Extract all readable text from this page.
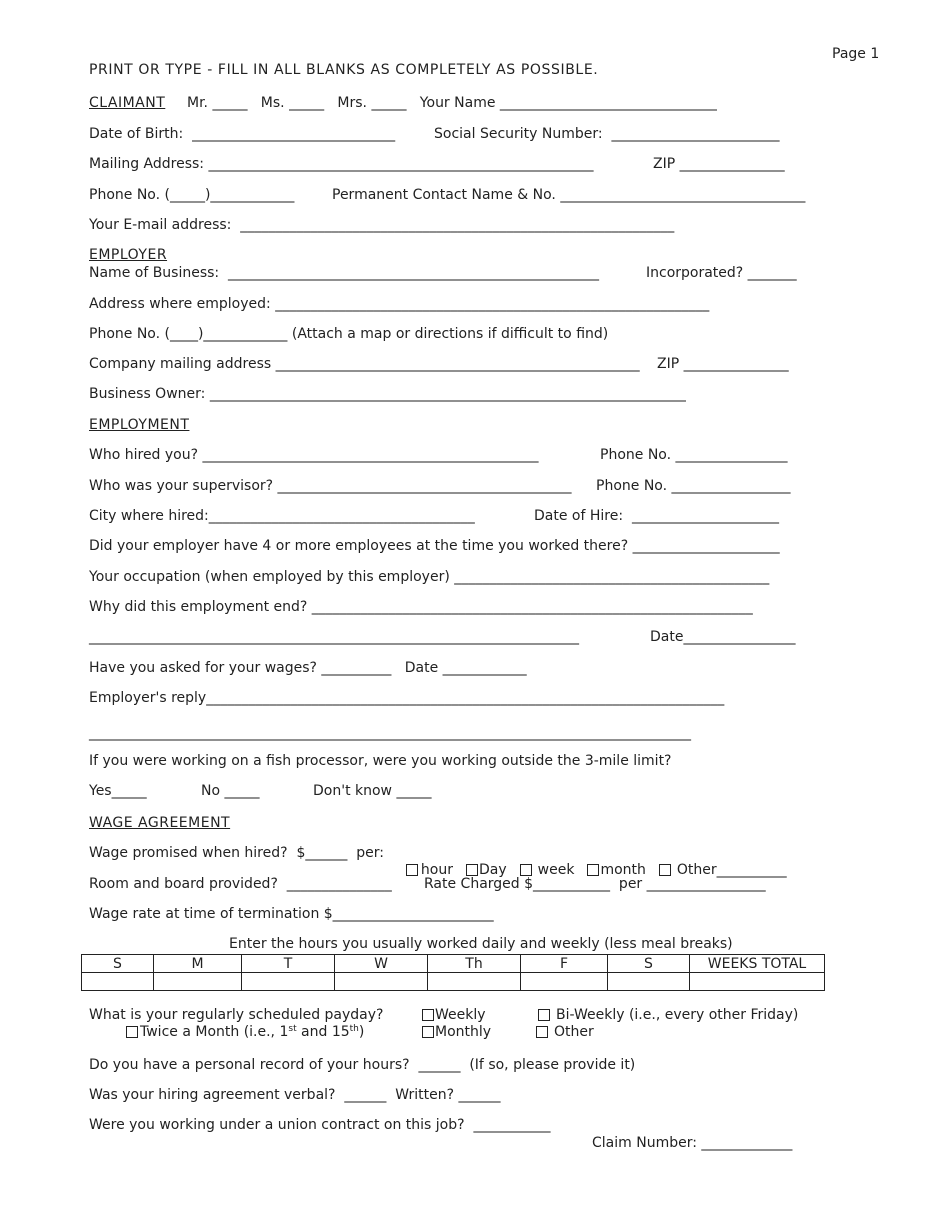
Page 1
PRINT OR TYPE - FILL IN ALL BLANKS AS COMPLETELY AS POSSIBLE.
CLAIMANT Mr. _____   Ms. _____   Mrs. _____   Your Name _______________________________
Date of Birth:  _____________________________	Social Security Number:  ________________________
Mailing Address: _______________________________________________________	ZIP _______________
Phone No. (_____)____________	Permanent Contact Name & No. ___________________________________
Your E-mail address:  ______________________________________________________________
EMPLOYER
Name of Business:  _____________________________________________________	Incorporated? _______
Address where employed: ______________________________________________________________
Phone No. (____)____________ (Attach a map or directions if difficult to find)
Company mailing address ____________________________________________________ ZIP _______________
Business Owner: ____________________________________________________________________
EMPLOYMENT
Who hired you? ________________________________________________	Phone No. ________________
Who was your supervisor? __________________________________________ Phone No. _________________
City where hired:______________________________________	Date of Hire:  _____________________
Did your employer have 4 or more employees at the time you worked there? _____________________
Your occupation (when employed by this employer) _____________________________________________
Why did this employment end? _______________________________________________________________
______________________________________________________________________	Date________________
Have you asked for your wages? __________   Date ____________
Employer's reply__________________________________________________________________________
______________________________________________________________________________________
If you were working on a fish processor, were you working outside the 3-mile limit?
Yes_____	No _____	Don't know _____
WAGE AGREEMENT
Wage promised when hired?  $______  per:

hour Day week month Other__________

Room and board provided?  _______________ Rate Charged $___________  per _________________
Wage rate at time of termination $_______________________
Enter the hours you usually worked daily and weekly (less meal breaks)
S	M	T	W	Th	F	S	WEEKS TOTAL

What is your regularly scheduled payday?	Weekly	Bi-Weekly (i.e., every other Friday)
Twice a Month (i.e., 1st and 15th)	Monthly	Other
Do you have a personal record of your hours?  ______  (If so, please provide it)
Was your hiring agreement verbal?  ______  Written? ______
Were you working under a union contract on this job?  ___________
Claim Number: _____________
